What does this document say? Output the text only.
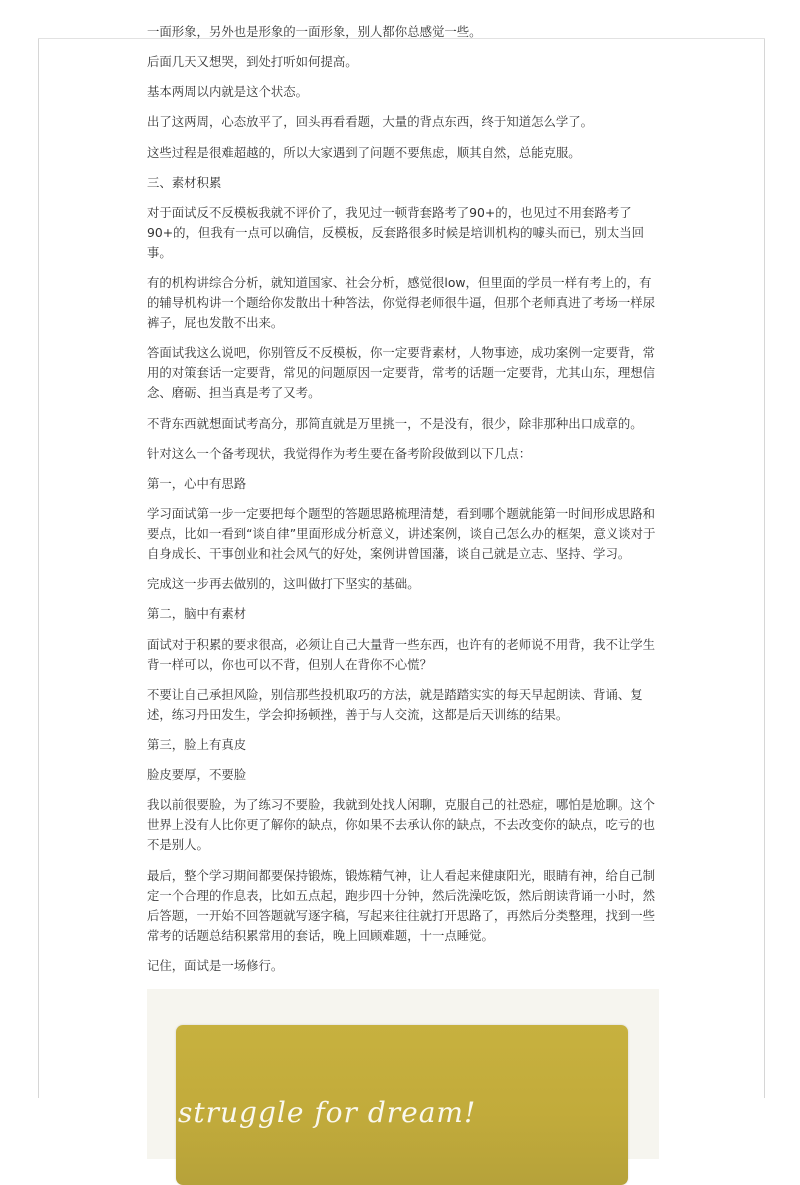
一面形象，另外也是形象的一面形象，别人都你总感觉一些。

后面几天又想哭，到处打听如何提高。

基本两周以内就是这个状态。

出了这两周，心态放平了，回头再看看题，大量的背点东西，终于知道怎么学了。

这些过程是很难超越的，所以大家遇到了问题不要焦虑，顺其自然，总能克服。

三、素材积累

对于面试反不反模板我就不评价了，我见过一顿背套路考了90+的，也见过不用套路考了90+的，但我有一点可以确信，反模板，反套路很多时候是培训机构的噱头而已，别太当回事。

有的机构讲综合分析，就知道国家、社会分析，感觉很low，但里面的学员一样有考上的，有的辅导机构讲一个题给你发散出十种答法，你觉得老师很牛逼，但那个老师真进了考场一样尿裤子，屁也发散不出来。

答面试我这么说吧，你别管反不反模板，你一定要背素材，人物事迹，成功案例一定要背，常用的对策套话一定要背，常见的问题原因一定要背，常考的话题一定要背，尤其山东，理想信念、磨砺、担当真是考了又考。

不背东西就想面试考高分，那简直就是万里挑一，不是没有，很少，除非那种出口成章的。

针对这么一个备考现状，我觉得作为考生要在备考阶段做到以下几点：

第一，心中有思路

学习面试第一步一定要把每个题型的答题思路梳理清楚，看到哪个题就能第一时间形成思路和要点，比如一看到“谈自律”里面形成分析意义，讲述案例，谈自己怎么办的框架，意义谈对于自身成长、干事创业和社会风气的好处，案例讲曾国藩，谈自己就是立志、坚持、学习。

完成这一步再去做别的，这叫做打下坚实的基础。

第二，脑中有素材

面试对于积累的要求很高，必须让自己大量背一些东西，也许有的老师说不用背，我不让学生背一样可以，你也可以不背，但别人在背你不心慌？

不要让自己承担风险，别信那些投机取巧的方法，就是踏踏实实的每天早起朗读、背诵、复述，练习丹田发生，学会抑扬顿挫，善于与人交流，这都是后天训练的结果。

第三，脸上有真皮

脸皮要厚，不要脸

我以前很要脸，为了练习不要脸，我就到处找人闲聊，克服自己的社恐症，哪怕是尬聊。这个世界上没有人比你更了解你的缺点，你如果不去承认你的缺点，不去改变你的缺点，吃亏的也不是别人。

最后，整个学习期间都要保持锻炼，锻炼精气神，让人看起来健康阳光，眼睛有神，给自己制定一个合理的作息表，比如五点起，跑步四十分钟，然后洗澡吃饭，然后朗读背诵一小时，然后答题，一开始不回答题就写逐字稿，写起来往往就打开思路了，再然后分类整理，找到一些常考的话题总结积累常用的套话，晚上回顾难题，十一点睡觉。

记住，面试是一场修行。

struggle for dream!
